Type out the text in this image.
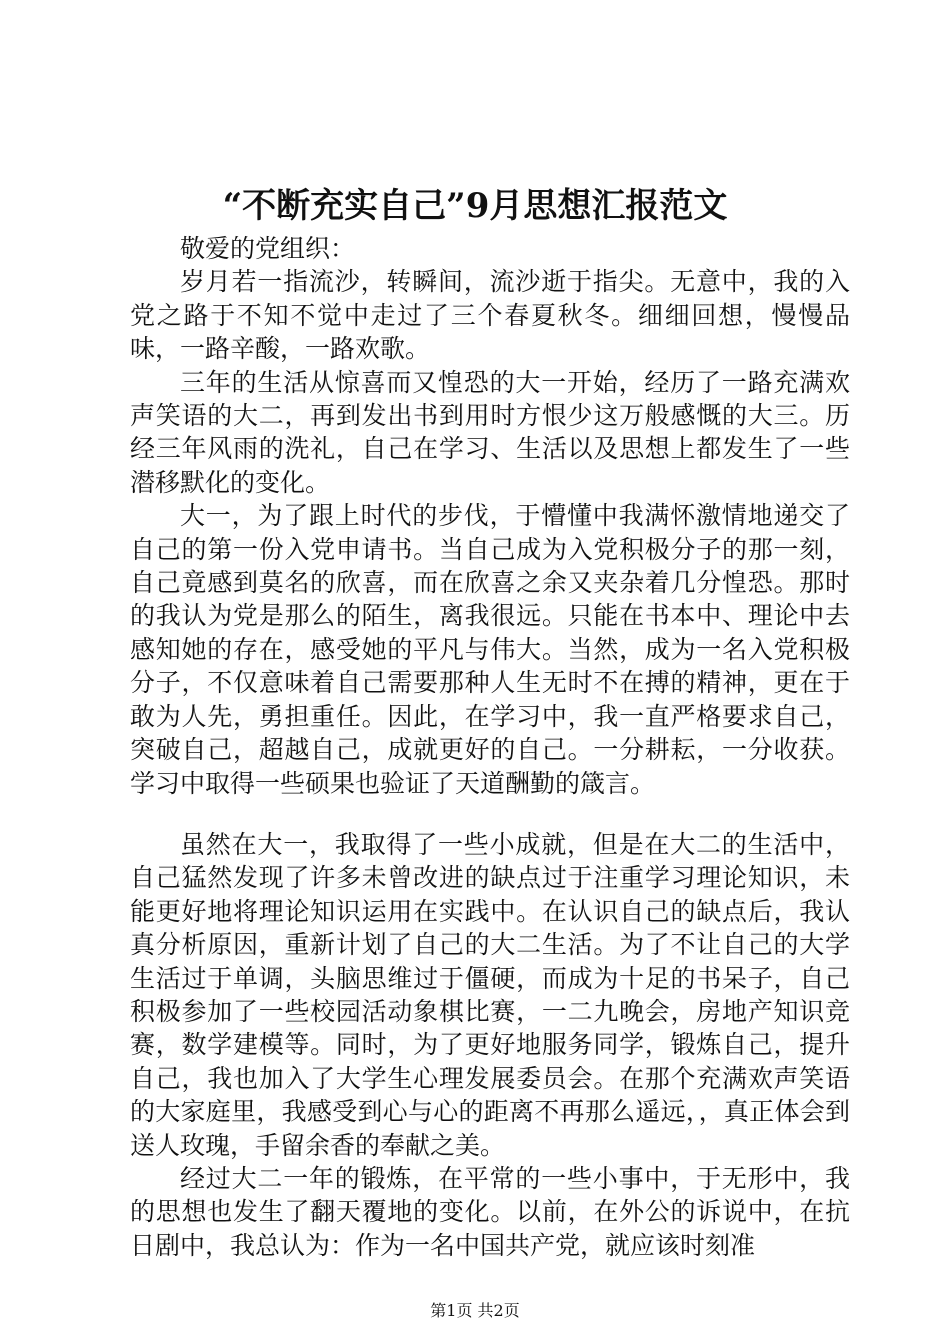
“不断充实自己”9月思想汇报范文

敬爱的党组织：

岁月若一指流沙，转瞬间，流沙逝于指尖。无意中，我的入党之路于不知不觉中走过了三个春夏秋冬。细细回想，慢慢品味，一路辛酸，一路欢歌。

三年的生活从惊喜而又惶恐的大一开始，经历了一路充满欢声笑语的大二，再到发出书到用时方恨少这万般感慨的大三。历经三年风雨的洗礼，自己在学习、生活以及思想上都发生了一些潜移默化的变化。

大一，为了跟上时代的步伐，于懵懂中我满怀激情地递交了自己的第一份入党申请书。当自己成为入党积极分子的那一刻，自己竟感到莫名的欣喜，而在欣喜之余又夹杂着几分惶恐。那时的我认为党是那么的陌生，离我很远。只能在书本中、理论中去感知她的存在，感受她的平凡与伟大。当然，成为一名入党积极分子，不仅意味着自己需要那种人生无时不在搏的精神，更在于敢为人先，勇担重任。因此，在学习中，我一直严格要求自己，突破自己，超越自己，成就更好的自己。一分耕耘，一分收获。学习中取得一些硕果也验证了天道酬勤的箴言。

虽然在大一，我取得了一些小成就，但是在大二的生活中，自己猛然发现了许多未曾改进的缺点过于注重学习理论知识，未能更好地将理论知识运用在实践中。在认识自己的缺点后，我认真分析原因，重新计划了自己的大二生活。为了不让自己的大学生活过于单调，头脑思维过于僵硬，而成为十足的书呆子，自己积极参加了一些校园活动象棋比赛，一二九晚会，房地产知识竞赛，数学建模等。同时，为了更好地服务同学，锻炼自己，提升自己，我也加入了大学生心理发展委员会。在那个充满欢声笑语的大家庭里，我感受到心与心的距离不再那么遥远，，真正体会到送人玫瑰，手留余香的奉献之美。

经过大二一年的锻炼，在平常的一些小事中，于无形中，我的思想也发生了翻天覆地的变化。以前，在外公的诉说中，在抗日剧中，我总认为：作为一名中国共产党，就应该时刻准

第1页 共2页
